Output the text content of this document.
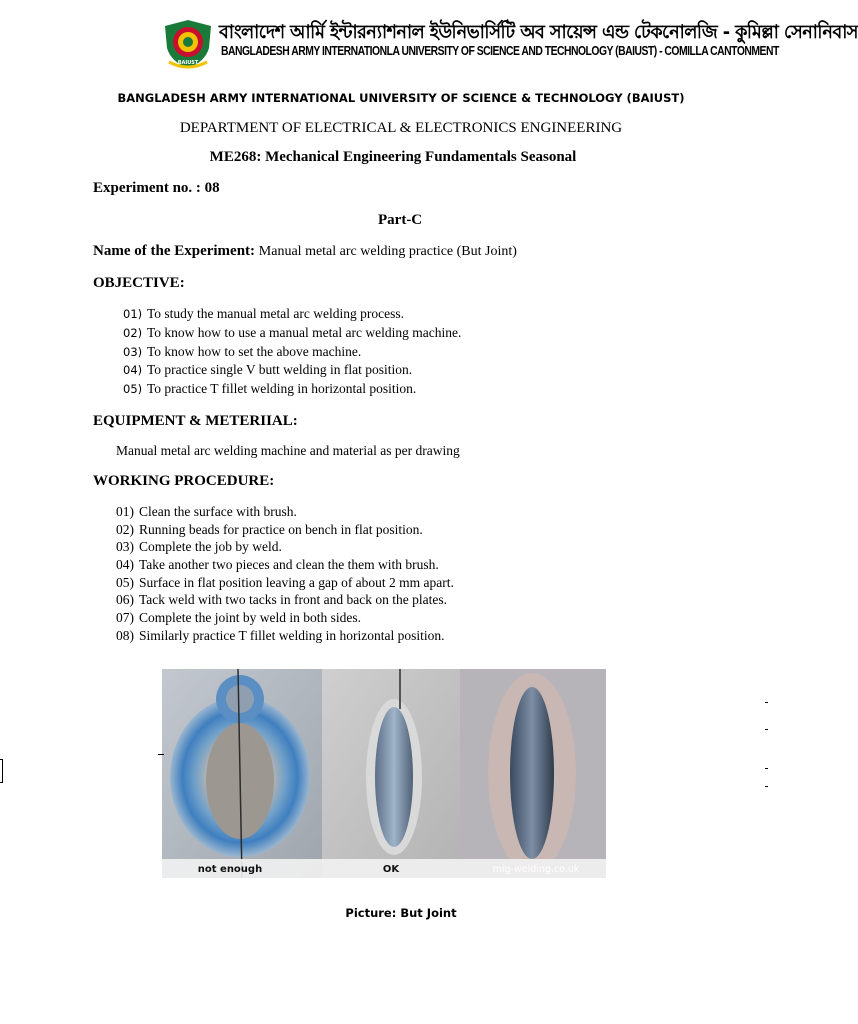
BAIUST
বাংলাদেশ আর্মি ইন্টারন্যাশনাল ইউনিভার্সিটি অব সায়েন্স এন্ড টেকনোলজি - কুমিল্লা সেনানিবাস
BANGLADESH ARMY INTERNATIONLA UNIVERSITY OF SCIENCE AND TECHNOLOGY (BAIUST) - COMILLA CANTONMENT
BANGLADESH ARMY INTERNATIONAL UNIVERSITY OF SCIENCE & TECHNOLOGY (BAIUST)
DEPARTMENT OF ELECTRICAL & ELECTRONICS ENGINEERING
ME268: Mechanical Engineering Fundamentals Seasonal
Experiment no. : 08
Part-C
Name of the Experiment: Manual metal arc welding practice (But Joint)
OBJECTIVE:
01) To study the manual metal arc welding process.
02) To know how to use a manual metal arc welding machine.
03) To know how to set the above machine.
04) To practice single V butt welding in flat position.
05) To practice T fillet welding in horizontal position.
EQUIPMENT & METERIIAL:
Manual metal arc welding machine and material as per drawing
WORKING PROCEDURE:
01) Clean the surface with brush.
02) Running beads for practice on bench in flat position.
03) Complete the job by weld.
04) Take another two pieces and clean the them with brush.
05) Surface in flat position leaving a gap of about 2 mm apart.
06) Tack weld with two tacks in front and back on the plates.
07) Complete the joint by weld in both sides.
08) Similarly practice T fillet welding in horizontal position.
not enough	OK	mig-welding.co.uk
Picture: But Joint
